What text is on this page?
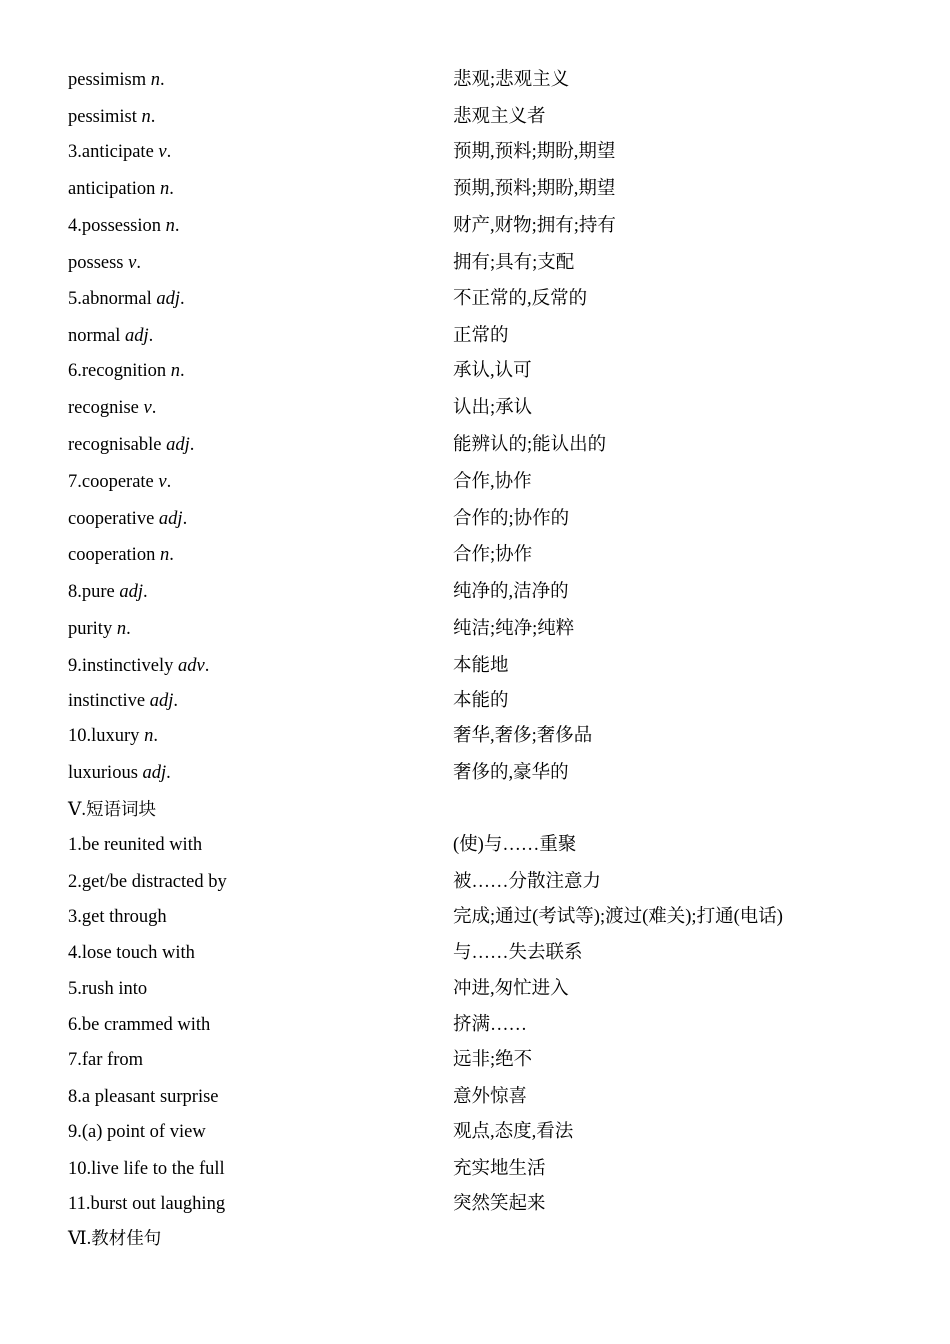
pessimism n.	悲观;悲观主义
pessimist n.	悲观主义者
3.anticipate v.	预期,预料;期盼,期望
anticipation n.	预期,预料;期盼,期望
4.possession n.	财产,财物;拥有;持有
possess v.	拥有;具有;支配
5.abnormal adj.	不正常的,反常的
normal adj.	正常的
6.recognition n.	承认,认可
recognise v.	认出;承认
recognisable adj.	能辨认的;能认出的
7.cooperate v.	合作,协作
cooperative adj.	合作的;协作的
cooperation n.	合作;协作
8.pure adj.	纯净的,洁净的
purity n.	纯洁;纯净;纯粹
9.instinctively adv.	本能地
instinctive adj.	本能的
10.luxury n.	奢华,奢侈;奢侈品
luxurious adj.	奢侈的,豪华的
Ⅴ.短语词块
1.be reunited with	(使)与……重聚
2.get/be distracted by	被……分散注意力
3.get through	完成;通过(考试等);渡过(难关);打通(电话)
4.lose touch with	与……失去联系
5.rush into	冲进,匆忙进入
6.be crammed with	挤满……
7.far from	远非;绝不
8.a pleasant surprise	意外惊喜
9.(a) point of view	观点,态度,看法
10.live life to the full	充实地生活
11.burst out laughing	突然笑起来
Ⅵ.教材佳句
